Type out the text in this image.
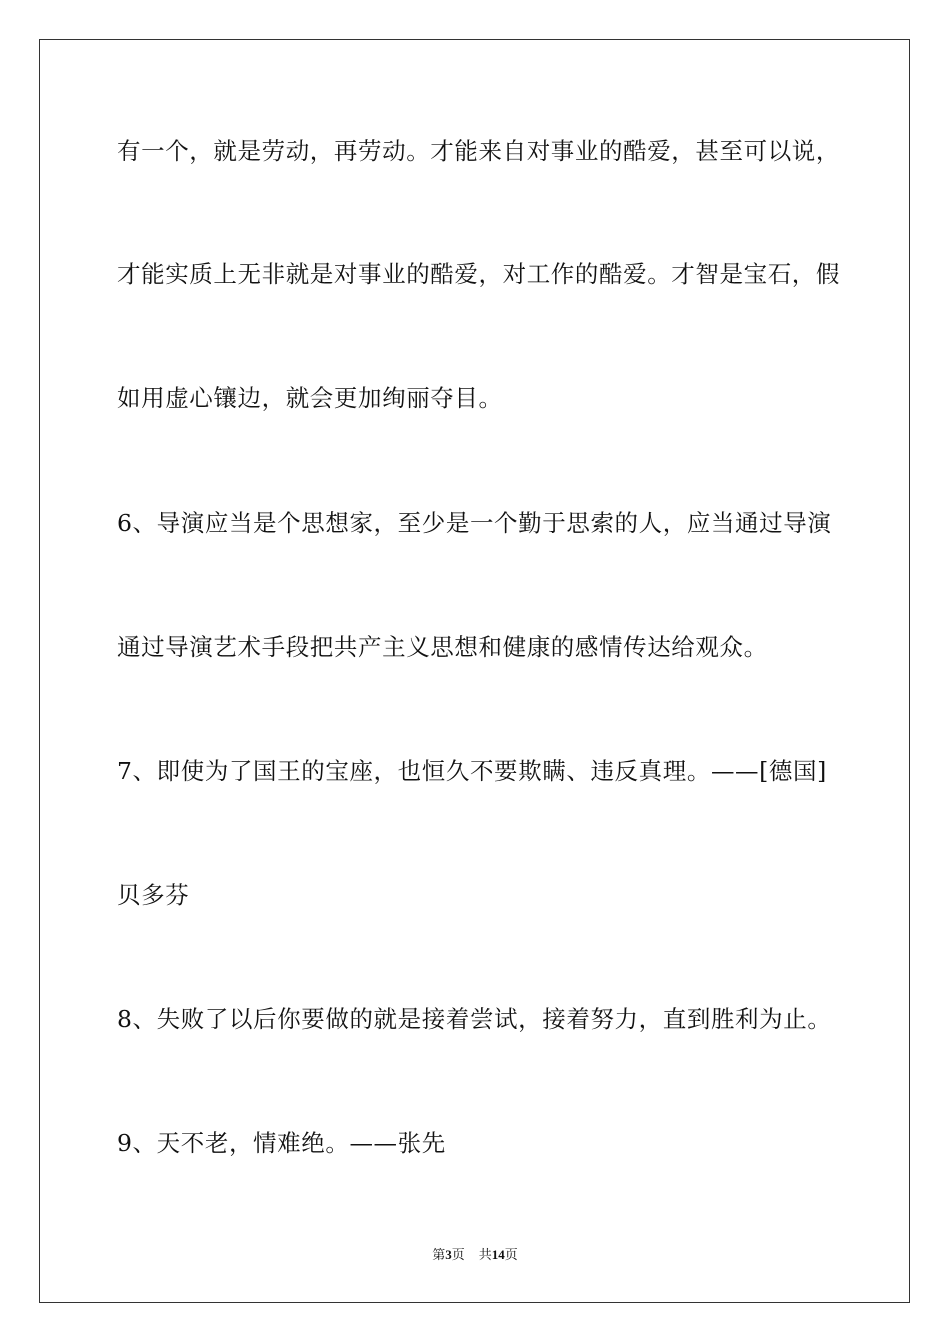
有一个，就是劳动，再劳动。才能来自对事业的酷爱，甚至可以说，
才能实质上无非就是对事业的酷爱，对工作的酷爱。才智是宝石，假
如用虚心镶边，就会更加绚丽夺目。
6、导演应当是个思想家，至少是一个勤于思索的人，应当通过导演
通过导演艺术手段把共产主义思想和健康的感情传达给观众。
7、即使为了国王的宝座，也恒久不要欺瞒、违反真理。——[德国]
贝多芬
8、失败了以后你要做的就是接着尝试，接着努力，直到胜利为止。
9、天不老，情难绝。——张先
第3页 共14页
